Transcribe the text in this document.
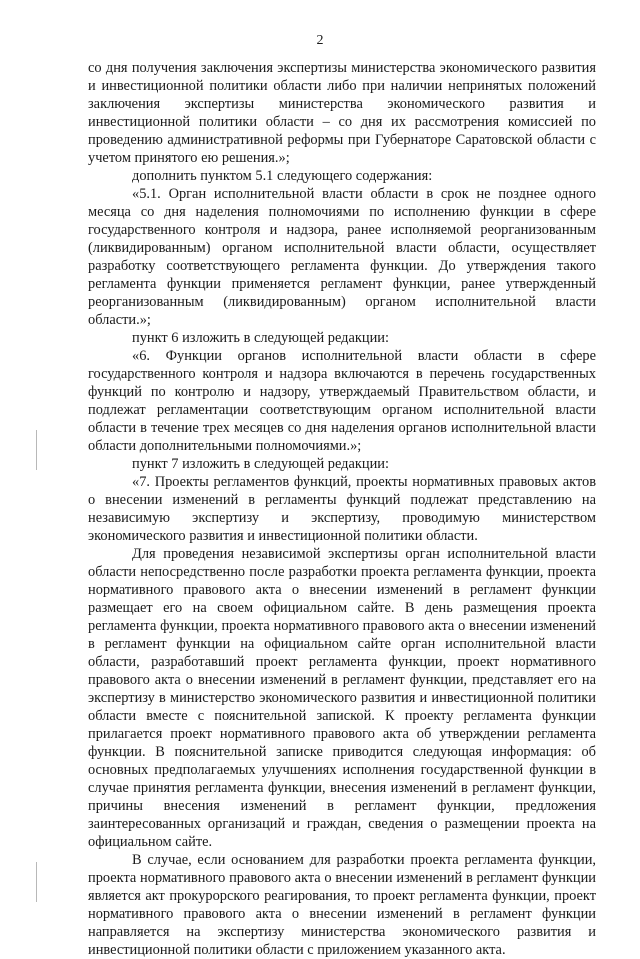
2

со дня получения заключения экспертизы министерства экономического развития и инвестиционной политики области либо при наличии непринятых положений заключения экспертизы министерства экономического развития и инвестиционной политики области – со дня их рассмотрения комиссией по проведению административной реформы при Губернаторе Саратовской области с учетом принятого ею решения.»;

дополнить пунктом 5.1 следующего содержания:

«5.1. Орган исполнительной власти области в срок не позднее одного месяца со дня наделения полномочиями по исполнению функции в сфере государственного контроля и надзора, ранее исполняемой реорганизованным (ликвидированным) органом исполнительной власти области, осуществляет разработку соответствующего регламента функции. До утверждения такого регламента функции применяется регламент функции, ранее утвержденный реорганизованным (ликвидированным) органом исполнительной власти области.»;

пункт 6 изложить в следующей редакции:

«6. Функции органов исполнительной власти области в сфере государственного контроля и надзора включаются в перечень государственных функций по контролю и надзору, утверждаемый Правительством области, и подлежат регламентации соответствующим органом исполнительной власти области в течение трех месяцев со дня наделения органов исполнительной власти области дополнительными полномочиями.»;

пункт 7 изложить в следующей редакции:

«7. Проекты регламентов функций, проекты нормативных правовых актов о внесении изменений в регламенты функций подлежат представлению на независимую экспертизу и экспертизу, проводимую министерством экономического развития и инвестиционной политики области.

Для проведения независимой экспертизы орган исполнительной власти области непосредственно после разработки проекта регламента функции, проекта нормативного правового акта о внесении изменений в регламент функции размещает его на своем официальном сайте. В день размещения проекта регламента функции, проекта нормативного правового акта о внесении изменений в регламент функции на официальном сайте орган исполнительной власти области, разработавший проект регламента функции, проект нормативного правового акта о внесении изменений в регламент функции, представляет его на экспертизу в министерство экономического развития и инвестиционной политики области вместе с пояснительной запиской. К проекту регламента функции прилагается проект нормативного правового акта об утверждении регламента функции. В пояснительной записке приводится следующая информация: об основных предполагаемых улучшениях исполнения государственной функции в случае принятия регламента функции, внесения изменений в регламент функции, причины внесения изменений в регламент функции, предложения заинтересованных организаций и граждан, сведения о размещении проекта на официальном сайте.

В случае, если основанием для разработки проекта регламента функции, проекта нормативного правового акта о внесении изменений в регламент функции является акт прокурорского реагирования, то проект регламента функции, проект нормативного правового акта о внесении изменений в регламент функции направляется на экспертизу министерства экономического развития и инвестиционной политики области с приложением указанного акта.
